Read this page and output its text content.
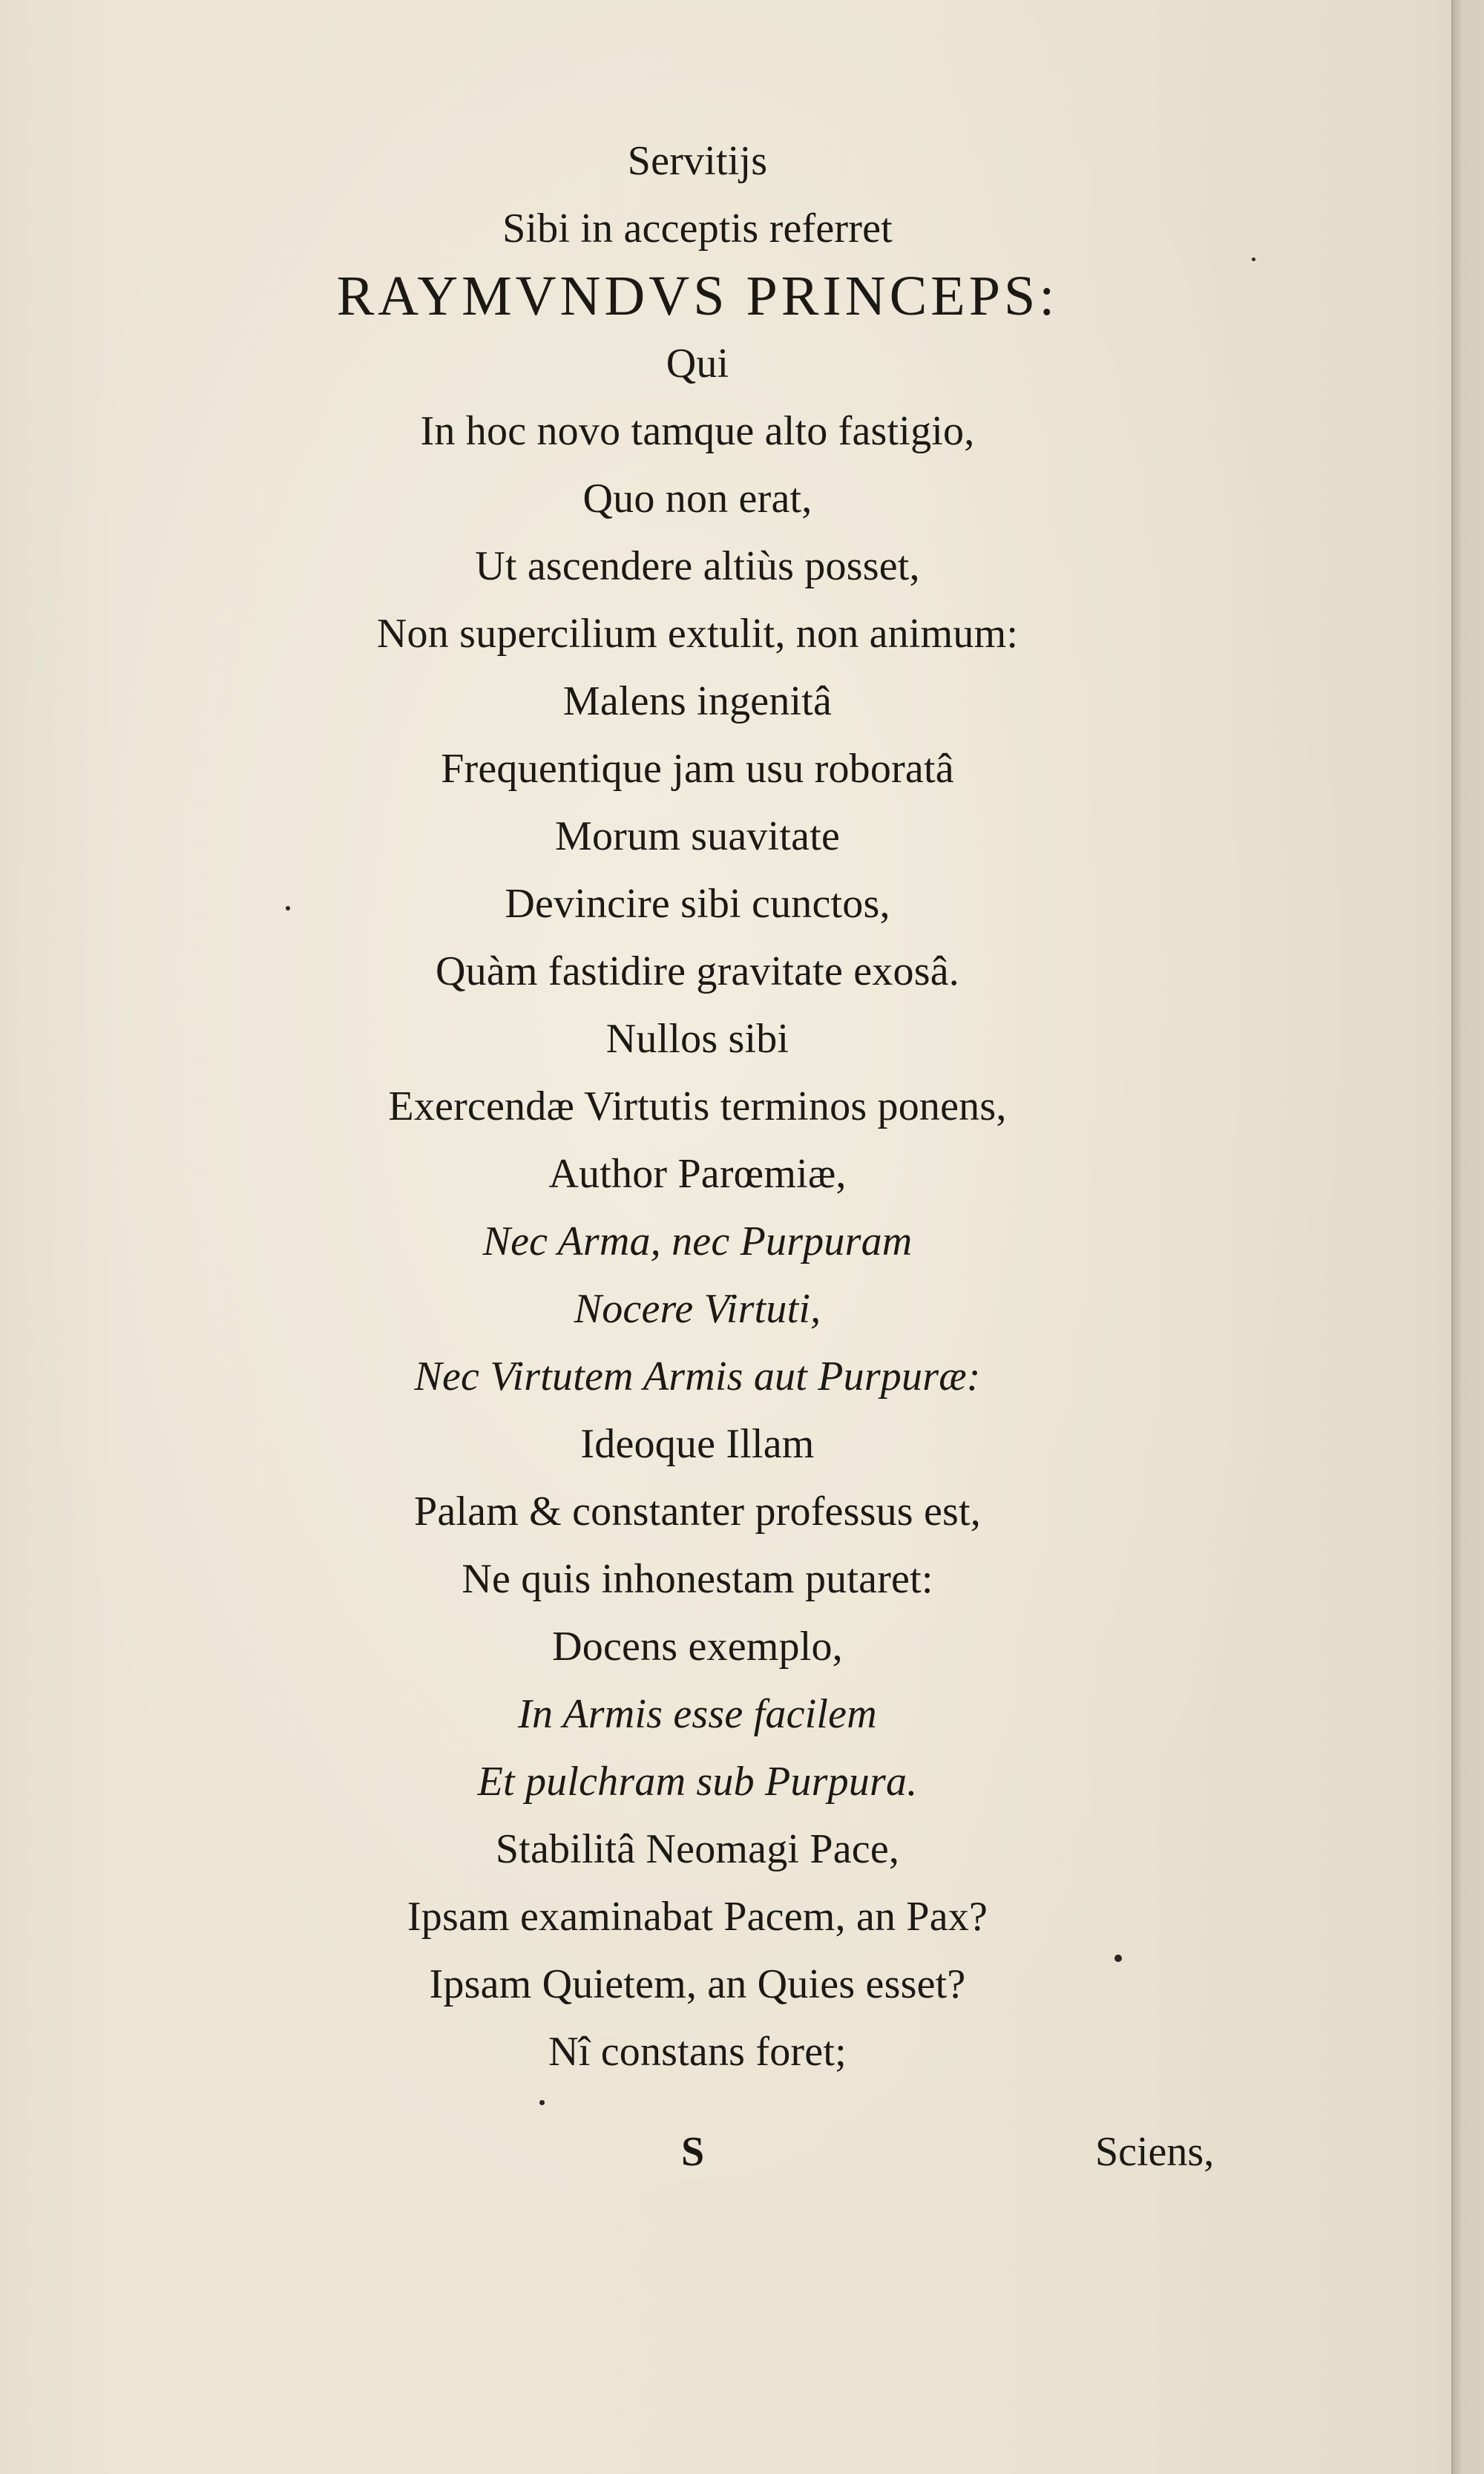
Servitijs
Sibi in acceptis referret
RAYMVNDVS PRINCEPS:
Qui
In hoc novo tamque alto fastigio,
Quo non erat,
Ut ascendere altiùs posset,
Non supercilium extulit, non animum:
Malens ingenitâ
Frequentique jam usu roboratâ
Morum suavitate
Devincire sibi cunctos,
Quàm fastidire gravitate exosâ.
Nullos sibi
Exercendæ Virtutis terminos ponens,
Author Parœmiæ,
Nec Arma, nec Purpuram
Nocere Virtuti,
Nec Virtutem Armis aut Purpuræ:
Ideoque Illam
Palam & constanter professus est,
Ne quis inhonestam putaret:
Docens exemplo,
In Armis esse facilem
Et pulchram sub Purpura.
Stabilitâ Neomagi Pace,
Ipsam examinabat Pacem, an Pax?
Ipsam Quietem, an Quies esset?
Nî constans foret;
S	Sciens,
